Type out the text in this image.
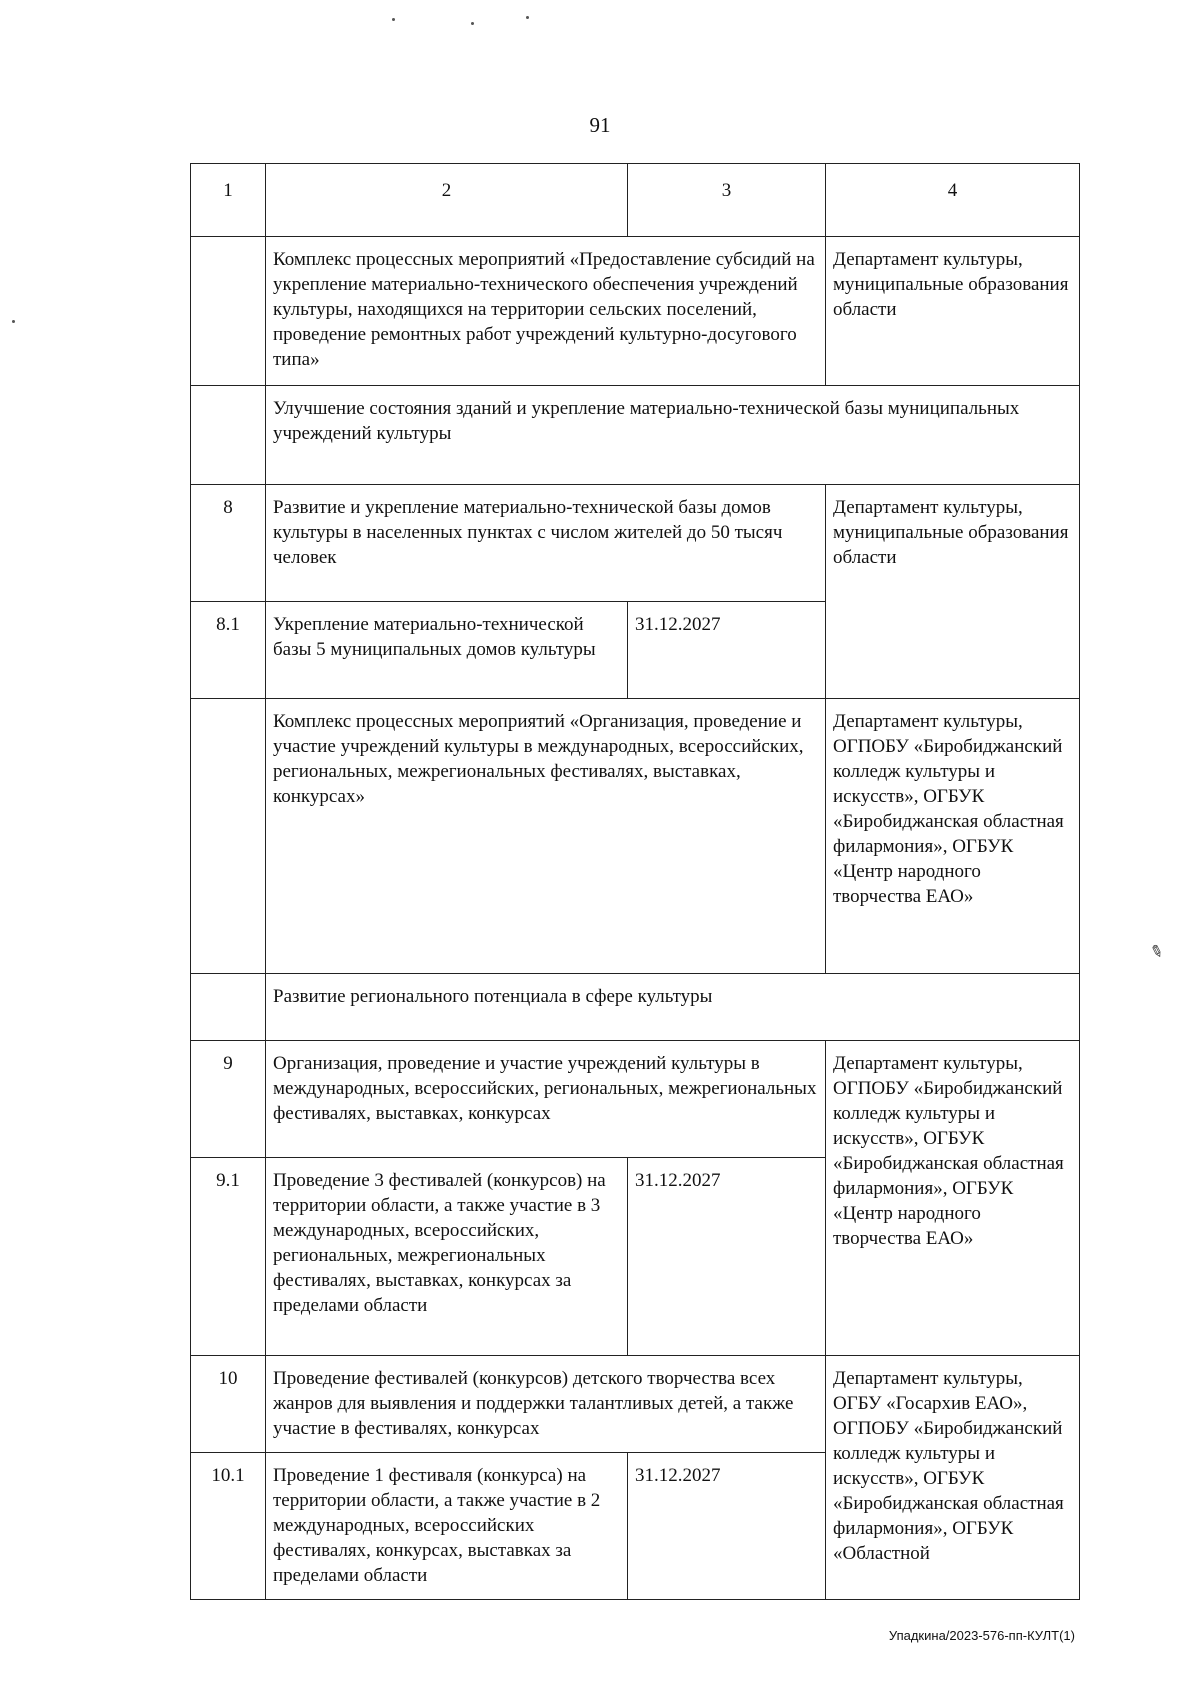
✎
91
1	2	3	4
	Комплекс процессных мероприятий «Предоставление субсидий на укрепление материально-технического обеспечения учреждений культуры, находящихся на территории сельских поселений, проведение ремонтных работ учреждений культурно-досугового типа»		Департамент культуры, муниципальные образования области
	Улучшение состояния зданий и укрепление материально-технической базы муниципальных учреждений культуры		
8	Развитие и укрепление материально-технической базы домов культуры в населенных пунктах с числом жителей до 50 тысяч человек		Департамент культуры, муниципальные образования области
8.1	Укрепление материально-технической базы 5 муниципальных домов культуры	31.12.2027	
	Комплекс процессных мероприятий «Организация, проведение и участие учреждений культуры в международных, всероссийских, региональных, межрегиональных фестивалях, выставках, конкурсах»		Департамент культуры, ОГПОБУ «Биробиджанский колледж культуры и искусств», ОГБУК «Биробиджанская областная филармония», ОГБУК «Центр народного творчества ЕАО»
	Развитие регионального потенциала в сфере культуры		
9	Организация, проведение и участие учреждений культуры в международных, всероссийских, региональных, межрегиональных фестивалях, выставках, конкурсах		Департамент культуры, ОГПОБУ «Биробиджанский колледж культуры и искусств», ОГБУК «Биробиджанская областная филармония», ОГБУК «Центр народного творчества ЕАО»
9.1	Проведение 3 фестивалей (конкурсов) на территории области, а также участие в 3 международных, всероссийских, региональных, межрегиональных фестивалях, выставках, конкурсах за пределами области	31.12.2027	
10	Проведение фестивалей (конкурсов) детского творчества всех жанров для выявления и поддержки талантливых детей, а также участие в фестивалях, конкурсах		Департамент культуры, ОГБУ «Госархив ЕАО», ОГПОБУ «Биробиджанский колледж культуры и искусств», ОГБУК «Биробиджанская областная филармония», ОГБУК «Областной
10.1	Проведение 1 фестиваля (конкурса) на территории области, а также участие в 2 международных, всероссийских фестивалях, конкурсах, выставках за пределами области	31.12.2027	
Упадкина/2023-576-пп-КУЛТ(1)
